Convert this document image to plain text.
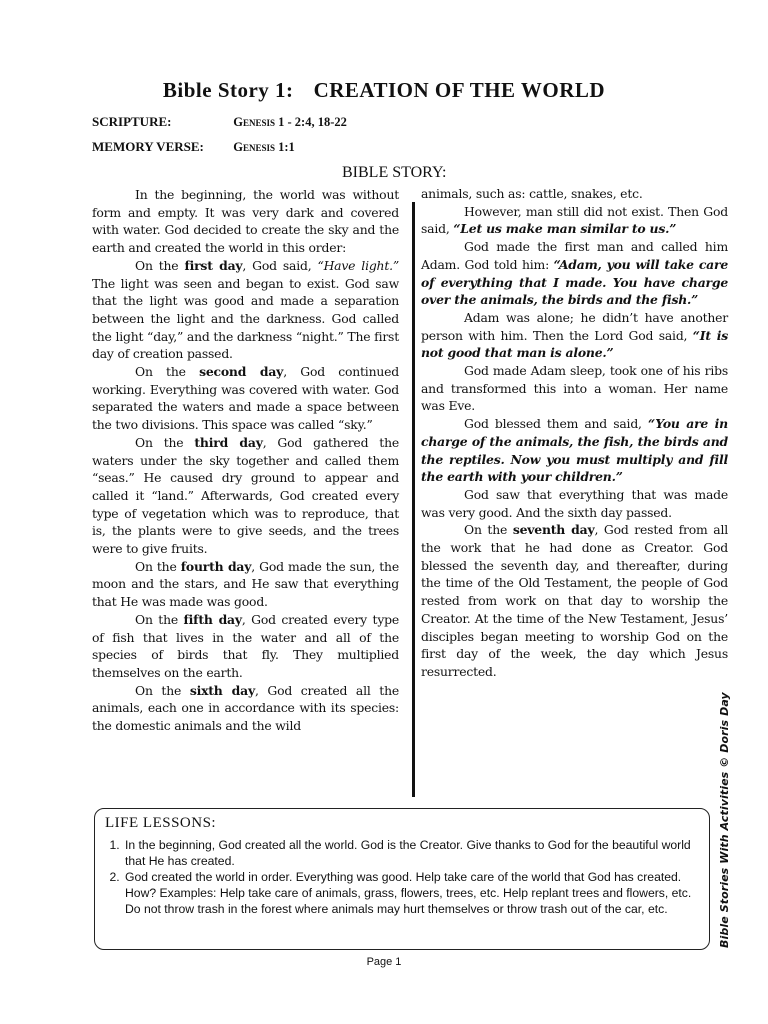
Bible Story 1: CREATION OF THE WORLD
SCRIPTURE:	Genesis 1 - 2:4, 18-22
MEMORY VERSE: Genesis 1:1
BIBLE STORY:

In the beginning, the world was without form and empty. It was very dark and covered with water. God decided to create the sky and the earth and created the world in this order:

On the first day, God said, “Have light.” The light was seen and began to exist. God saw that the light was good and made a separation between the light and the darkness. God called the light “day,” and the darkness “night.” The first day of creation passed.

On the second day, God continued working. Everything was covered with water. God separated the waters and made a space between the two divisions. This space was called “sky.”

On the third day, God gathered the waters under the sky together and called them “seas.” He caused dry ground to appear and called it “land.” Afterwards, God created every type of vegetation which was to reproduce, that is, the plants were to give seeds, and the trees were to give fruits.

On the fourth day, God made the sun, the moon and the stars, and He saw that everything that He was made was good.

On the fifth day, God created every type of fish that lives in the water and all of the species of birds that fly. They multiplied themselves on the earth.

On the sixth day, God created all the animals, each one in accordance with its species: the domestic animals and the wild

animals, such as: cattle, snakes, etc.

However, man still did not exist. Then God said, “Let us make man similar to us.”

God made the first man and called him Adam. God told him: “Adam, you will take care of everything that I made. You have charge over the animals, the birds and the fish.”

Adam was alone; he didn’t have another person with him. Then the Lord God said, “It is not good that man is alone.”

God made Adam sleep, took one of his ribs and transformed this into a woman. Her name was Eve.

God blessed them and said, “You are in charge of the animals, the fish, the birds and the reptiles. Now you must multiply and fill the earth with your children.”

God saw that everything that was made was very good. And the sixth day passed.

On the seventh day, God rested from all the work that he had done as Creator. God blessed the seventh day, and thereafter, during the time of the Old Testament, the people of God rested from work on that day to worship the Creator. At the time of the New Testament, Jesus’ disciples began meeting to worship God on the first day of the week, the day which Jesus resurrected.

Bible Stories With Activities © Doris Day
LIFE LESSONS:
1. In the beginning, God created all the world. God is the Creator. Give thanks to God for the beautiful world that He has created.
2. God created the world in order. Everything was good. Help take care of the world that God has created. How? Examples: Help take care of animals, grass, flowers, trees, etc. Help replant trees and flowers, etc. Do not throw trash in the forest where animals may hurt themselves or throw trash out of the car, etc.
Page 1
